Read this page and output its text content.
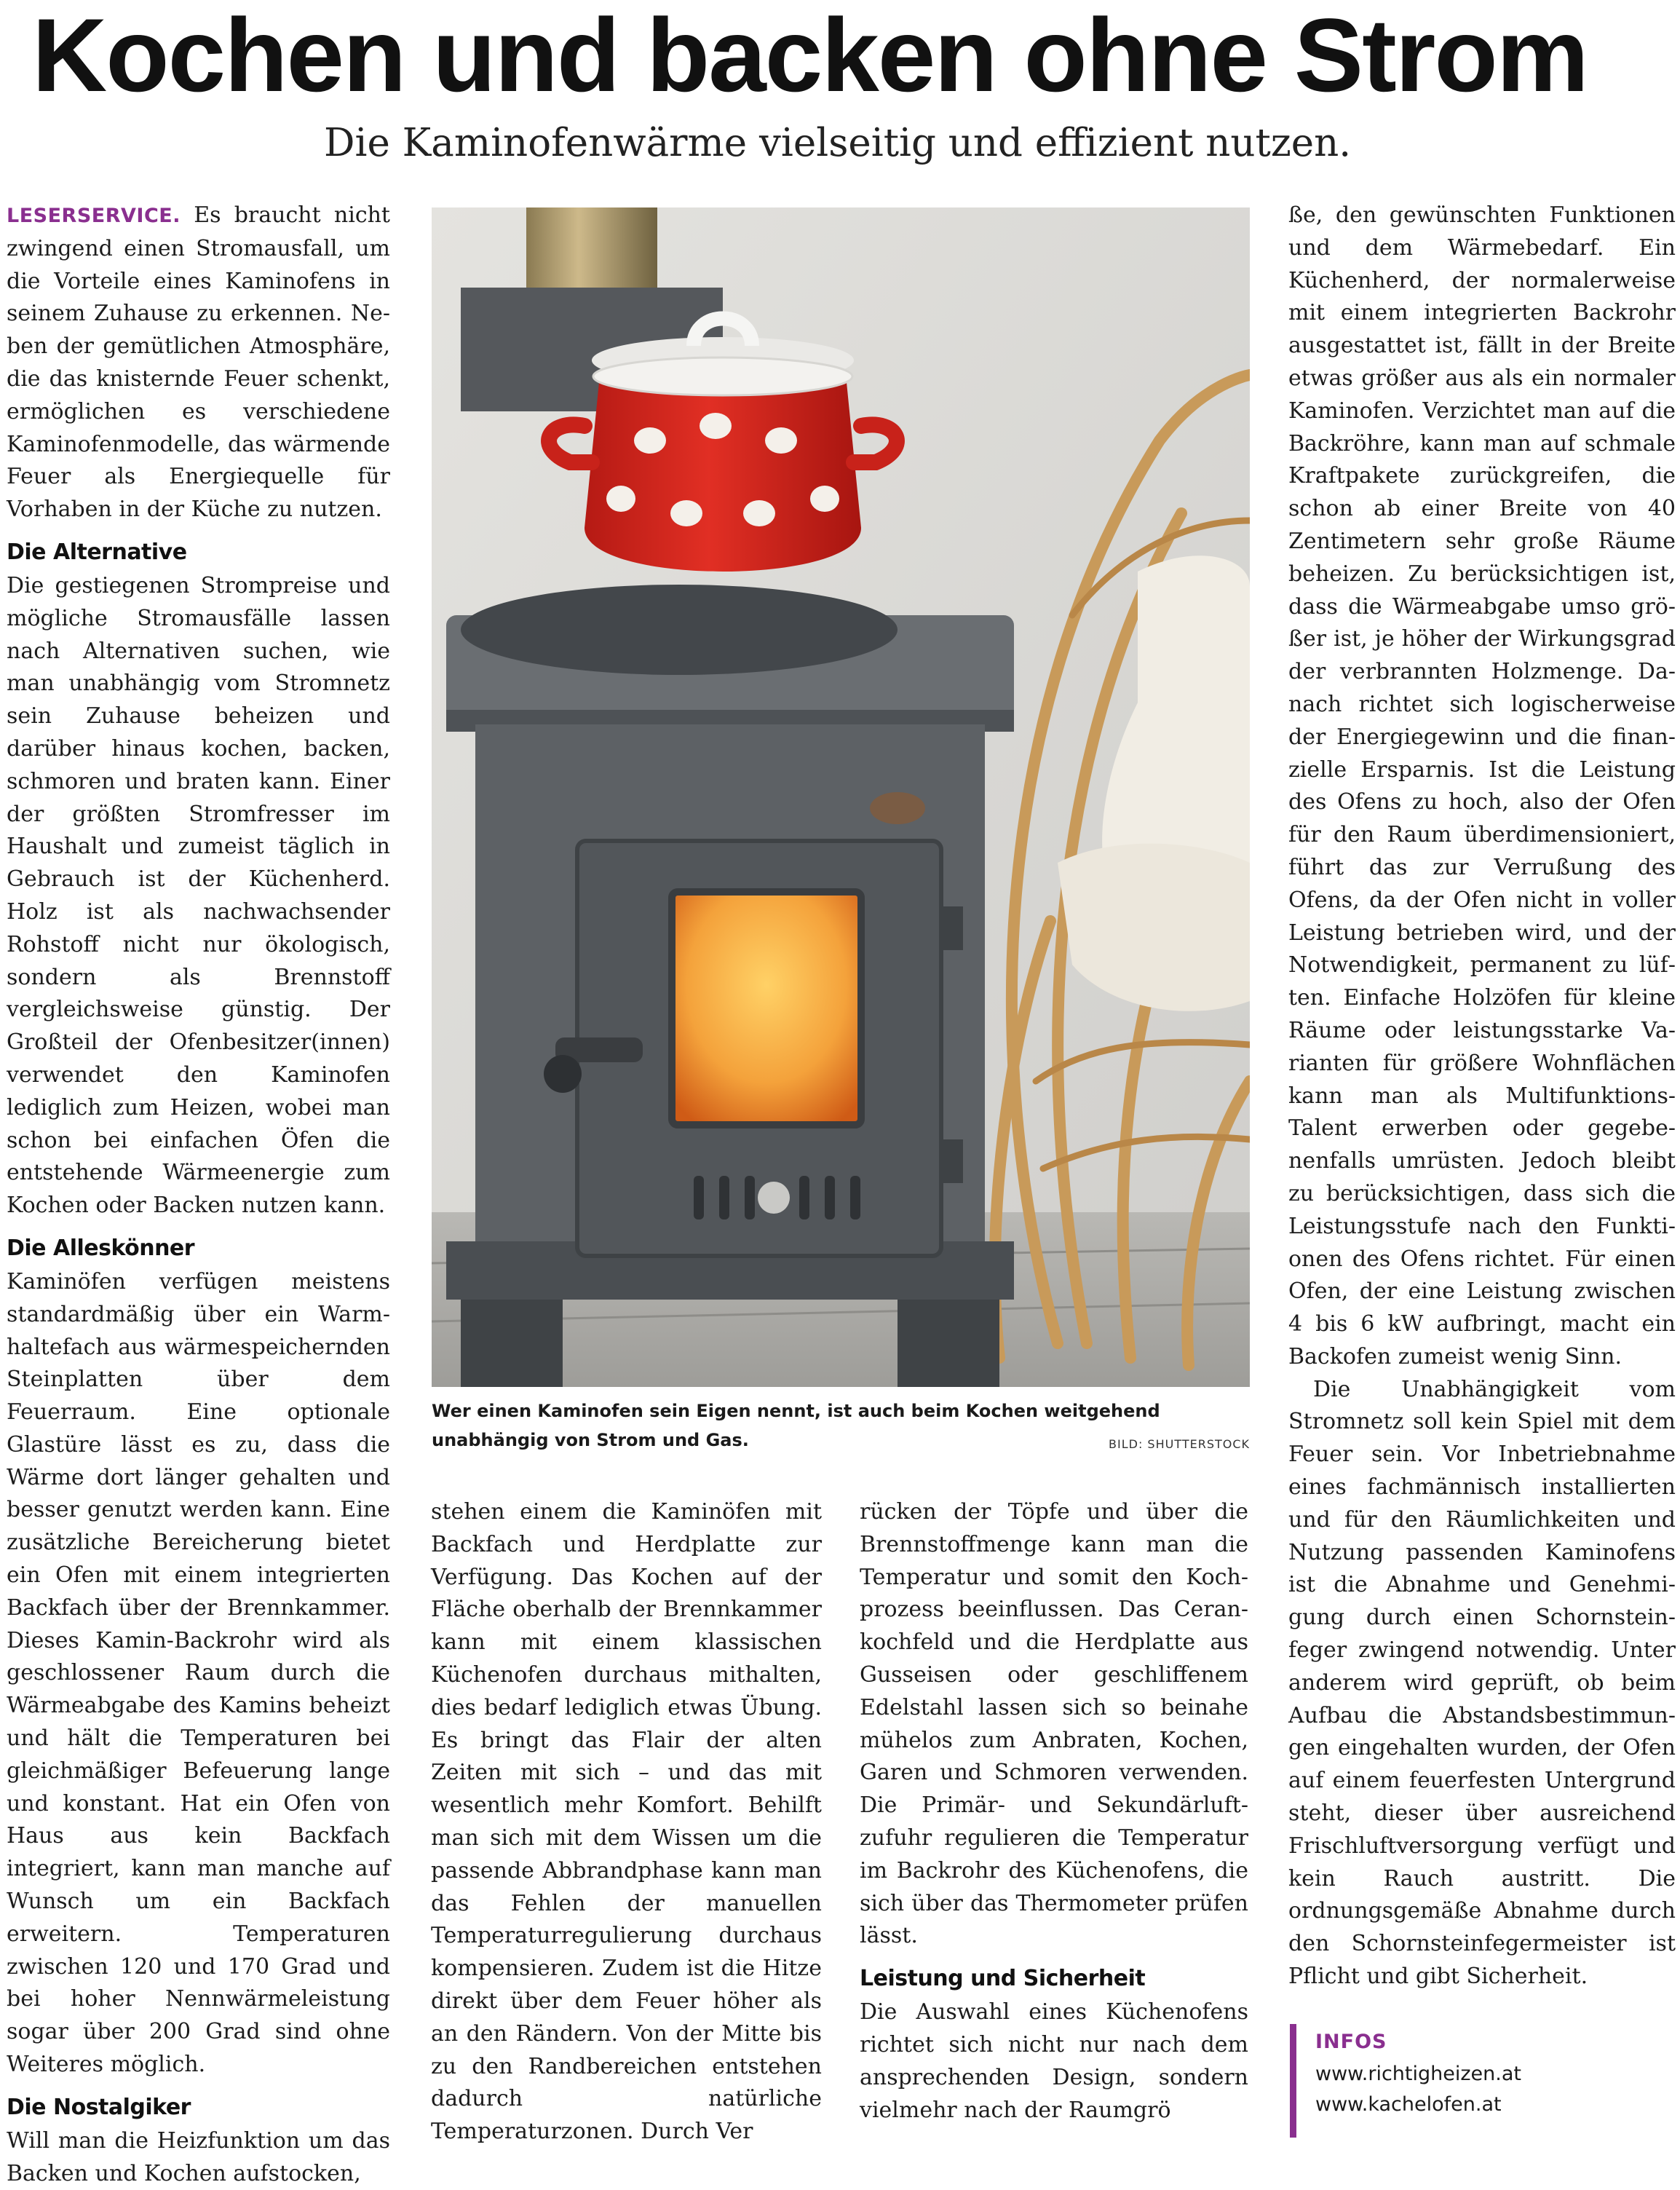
Kochen und backen ohne Strom
Die Kaminofenwärme vielseitig und effizient nutzen.

LESERSERVICE. Es braucht nicht zwingend einen Stromausfall, um die Vorteile eines Kaminofens in seinem Zuhause zu erkennen. Neben der gemütlichen Atmosphäre, die das knisternde Feuer schenkt, ermöglichen es verschiedene Kaminofenmodelle, das wärmende Feuer als Energiequelle für Vorhaben in der Küche zu nutzen.

Die Alternative

Die gestiegenen Strompreise und mögliche Stromausfälle lassen nach Alternativen suchen, wie man unabhängig vom Stromnetz sein Zuhause beheizen und darüber hinaus kochen, backen, schmoren und braten kann. Einer der größten Stromfresser im Haushalt und zumeist täglich in Gebrauch ist der Küchenherd. Holz ist als nachwachsender Rohstoff nicht nur ökologisch, sondern als Brennstoff vergleichsweise günstig. Der Großteil der Ofenbesitzer(innen) verwendet den Kaminofen lediglich zum Heizen, wobei man schon bei einfachen Öfen die entstehende Wärmeenergie zum Kochen oder Backen nutzen kann.

Die Alleskönner

Kaminöfen verfügen meistens standardmäßig über ein Warmhaltefach aus wärmespeichernden Steinplatten über dem Feuerraum. Eine optionale Glastüre lässt es zu, dass die Wärme dort länger gehalten und besser genutzt werden kann. Eine zusätzliche Bereicherung bietet ein Ofen mit einem integrierten Backfach über der Brennkammer. Dieses Kamin-Backrohr wird als geschlossener Raum durch die Wärmeabgabe des Kamins beheizt und hält die Temperaturen bei gleichmäßiger Befeuerung lange und konstant. Hat ein Ofen von Haus aus kein Backfach integriert, kann man manche auf Wunsch um ein Backfach erweitern. Temperaturen zwischen 120 und 170 Grad und bei hoher Nennwärmeleistung sogar über 200 Grad sind ohne Weiteres möglich.

Die Nostalgiker

Will man die Heizfunktion um das Backen und Kochen aufstocken,

Wer einen Kaminofen sein Eigen nennt, ist auch beim Kochen weitgehend unabhängig von Strom und Gas.	BILD: SHUTTERSTOCK

stehen einem die Kaminöfen mit Backfach und Herdplatte zur Verfügung. Das Kochen auf der Fläche oberhalb der Brennkammer kann mit einem klassischen Küchenofen durchaus mithalten, dies bedarf lediglich etwas Übung. Es bringt das Flair der alten Zeiten mit sich – und das mit wesentlich mehr Komfort. Behilft man sich mit dem Wissen um die passende Abbrandphase kann man das Fehlen der manuellen Temperaturregulierung durchaus kompensieren. Zudem ist die Hitze direkt über dem Feuer höher als an den Rändern. Von der Mitte bis zu den Randbereichen entstehen dadurch natürliche Temperaturzonen. Durch Ver

rücken der Töpfe und über die Brennstoffmenge kann man die Temperatur und somit den Kochprozess beeinflussen. Das Cerankochfeld und die Herdplatte aus Gusseisen oder geschliffenem Edelstahl lassen sich so beinahe mühelos zum Anbraten, Kochen, Garen und Schmoren verwenden. Die Primär- und Sekundärluftzufuhr regulieren die Temperatur im Backrohr des Küchenofens, die sich über das Thermometer prüfen lässt.

Leistung und Sicherheit

Die Auswahl eines Küchenofens richtet sich nicht nur nach dem ansprechenden Design, sondern vielmehr nach der Raumgrö

ße, den gewünschten Funktionen und dem Wärmebedarf. Ein Küchenherd, der normalerweise mit einem integrierten Backrohr ausgestattet ist, fällt in der Breite etwas größer aus als ein normaler Kaminofen. Verzichtet man auf die Backröhre, kann man auf schmale Kraftpakete zurückgreifen, die schon ab einer Breite von 40 Zentimetern sehr große Räume beheizen. Zu berücksichtigen ist, dass die Wärmeabgabe umso größer ist, je höher der Wirkungsgrad der verbrannten Holzmenge. Danach richtet sich logischerweise der Energiegewinn und die finanzielle Ersparnis. Ist die Leistung des Ofens zu hoch, also der Ofen für den Raum überdimensioniert, führt das zur Verrußung des Ofens, da der Ofen nicht in voller Leistung betrieben wird, und der Notwendigkeit, permanent zu lüften. Einfache Holzöfen für kleine Räume oder leistungsstarke Varianten für größere Wohnflächen kann man als Multifunktions-Talent erwerben oder gegebenenfalls umrüsten. Jedoch bleibt zu berücksichtigen, dass sich die Leistungsstufe nach den Funktionen des Ofens richtet. Für einen Ofen, der eine Leistung zwischen 4 bis 6 kW aufbringt, macht ein Backofen zumeist wenig Sinn.

Die Unabhängigkeit vom Stromnetz soll kein Spiel mit dem Feuer sein. Vor Inbetriebnahme eines fachmännisch installierten und für den Räumlichkeiten und Nutzung passenden Kaminofens ist die Abnahme und Genehmigung durch einen Schornsteinfeger zwingend notwendig. Unter anderem wird geprüft, ob beim Aufbau die Abstandsbestimmungen eingehalten wurden, der Ofen auf einem feuerfesten Untergrund steht, dieser über ausreichend Frischluftversorgung verfügt und kein Rauch austritt. Die ordnungsgemäße Abnahme durch den Schornsteinfegermeister ist Pflicht und gibt Sicherheit.

INFOS
www.richtigheizen.at
www.kachelofen.at
